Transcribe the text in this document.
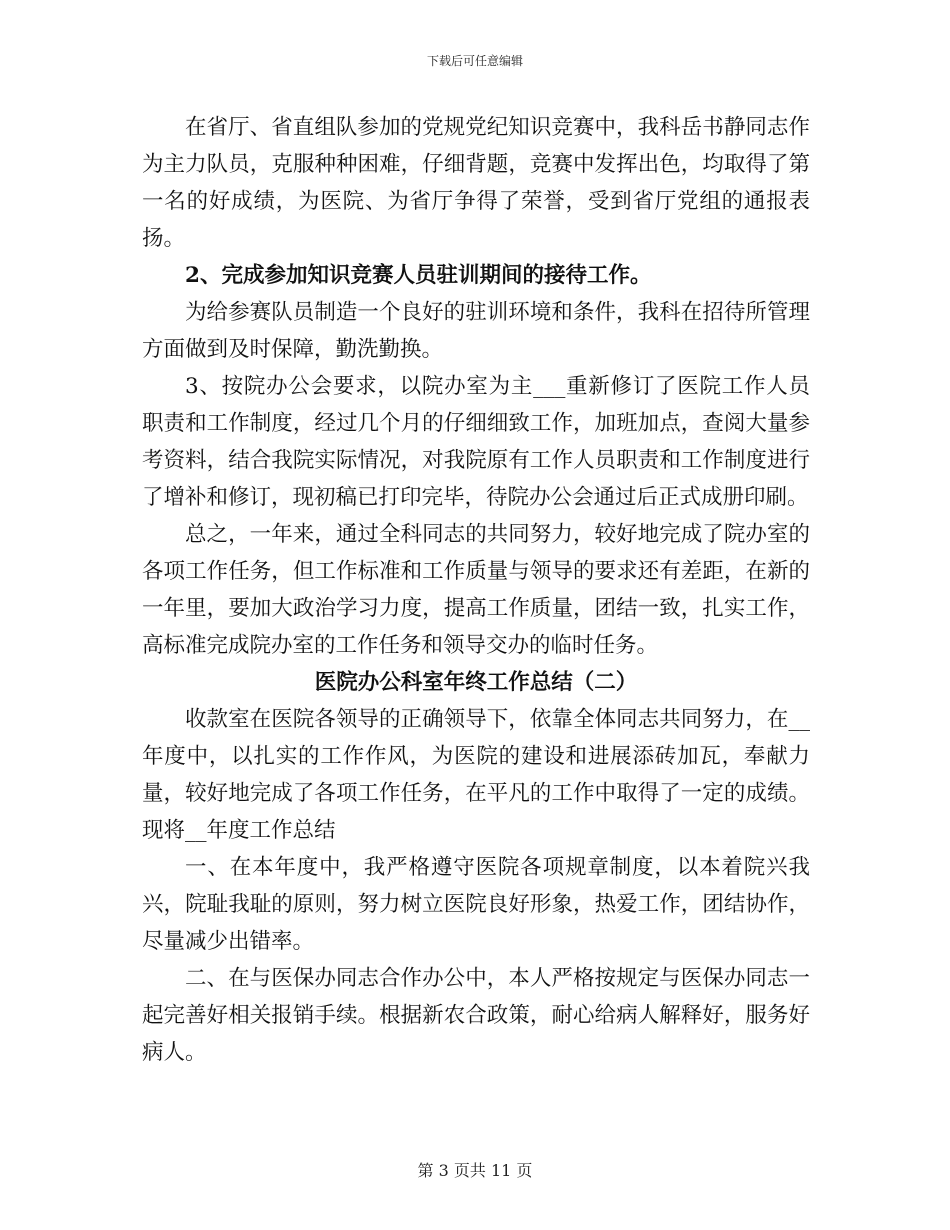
下载后可任意编辑

在省厅、省直组队参加的党规党纪知识竞赛中，我科岳书静同志作为主力队员，克服种种困难，仔细背题，竞赛中发挥出色，均取得了第一名的好成绩，为医院、为省厅争得了荣誉，受到省厅党组的通报表扬。

2、完成参加知识竞赛人员驻训期间的接待工作。

为给参赛队员制造一个良好的驻训环境和条件，我科在招待所管理方面做到及时保障，勤洗勤换。

3、按院办公会要求，以院办室为主___重新修订了医院工作人员职责和工作制度，经过几个月的仔细细致工作，加班加点，查阅大量参考资料，结合我院实际情况，对我院原有工作人员职责和工作制度进行了增补和修订，现初稿已打印完毕，待院办公会通过后正式成册印刷。

总之，一年来，通过全科同志的共同努力，较好地完成了院办室的各项工作任务，但工作标准和工作质量与领导的要求还有差距，在新的一年里，要加大政治学习力度，提高工作质量，团结一致，扎实工作，高标准完成院办室的工作任务和领导交办的临时任务。

医院办公科室年终工作总结（二）

收款室在医院各领导的正确领导下，依靠全体同志共同努力，在__年度中，以扎实的工作作风，为医院的建设和进展添砖加瓦，奉献力量，较好地完成了各项工作任务，在平凡的工作中取得了一定的成绩。现将__年度工作总结

一、在本年度中，我严格遵守医院各项规章制度，以本着院兴我兴，院耻我耻的原则，努力树立医院良好形象，热爱工作，团结协作，尽量减少出错率。

二、在与医保办同志合作办公中，本人严格按规定与医保办同志一起完善好相关报销手续。根据新农合政策，耐心给病人解释好，服务好病人。

第 3 页共 11 页
